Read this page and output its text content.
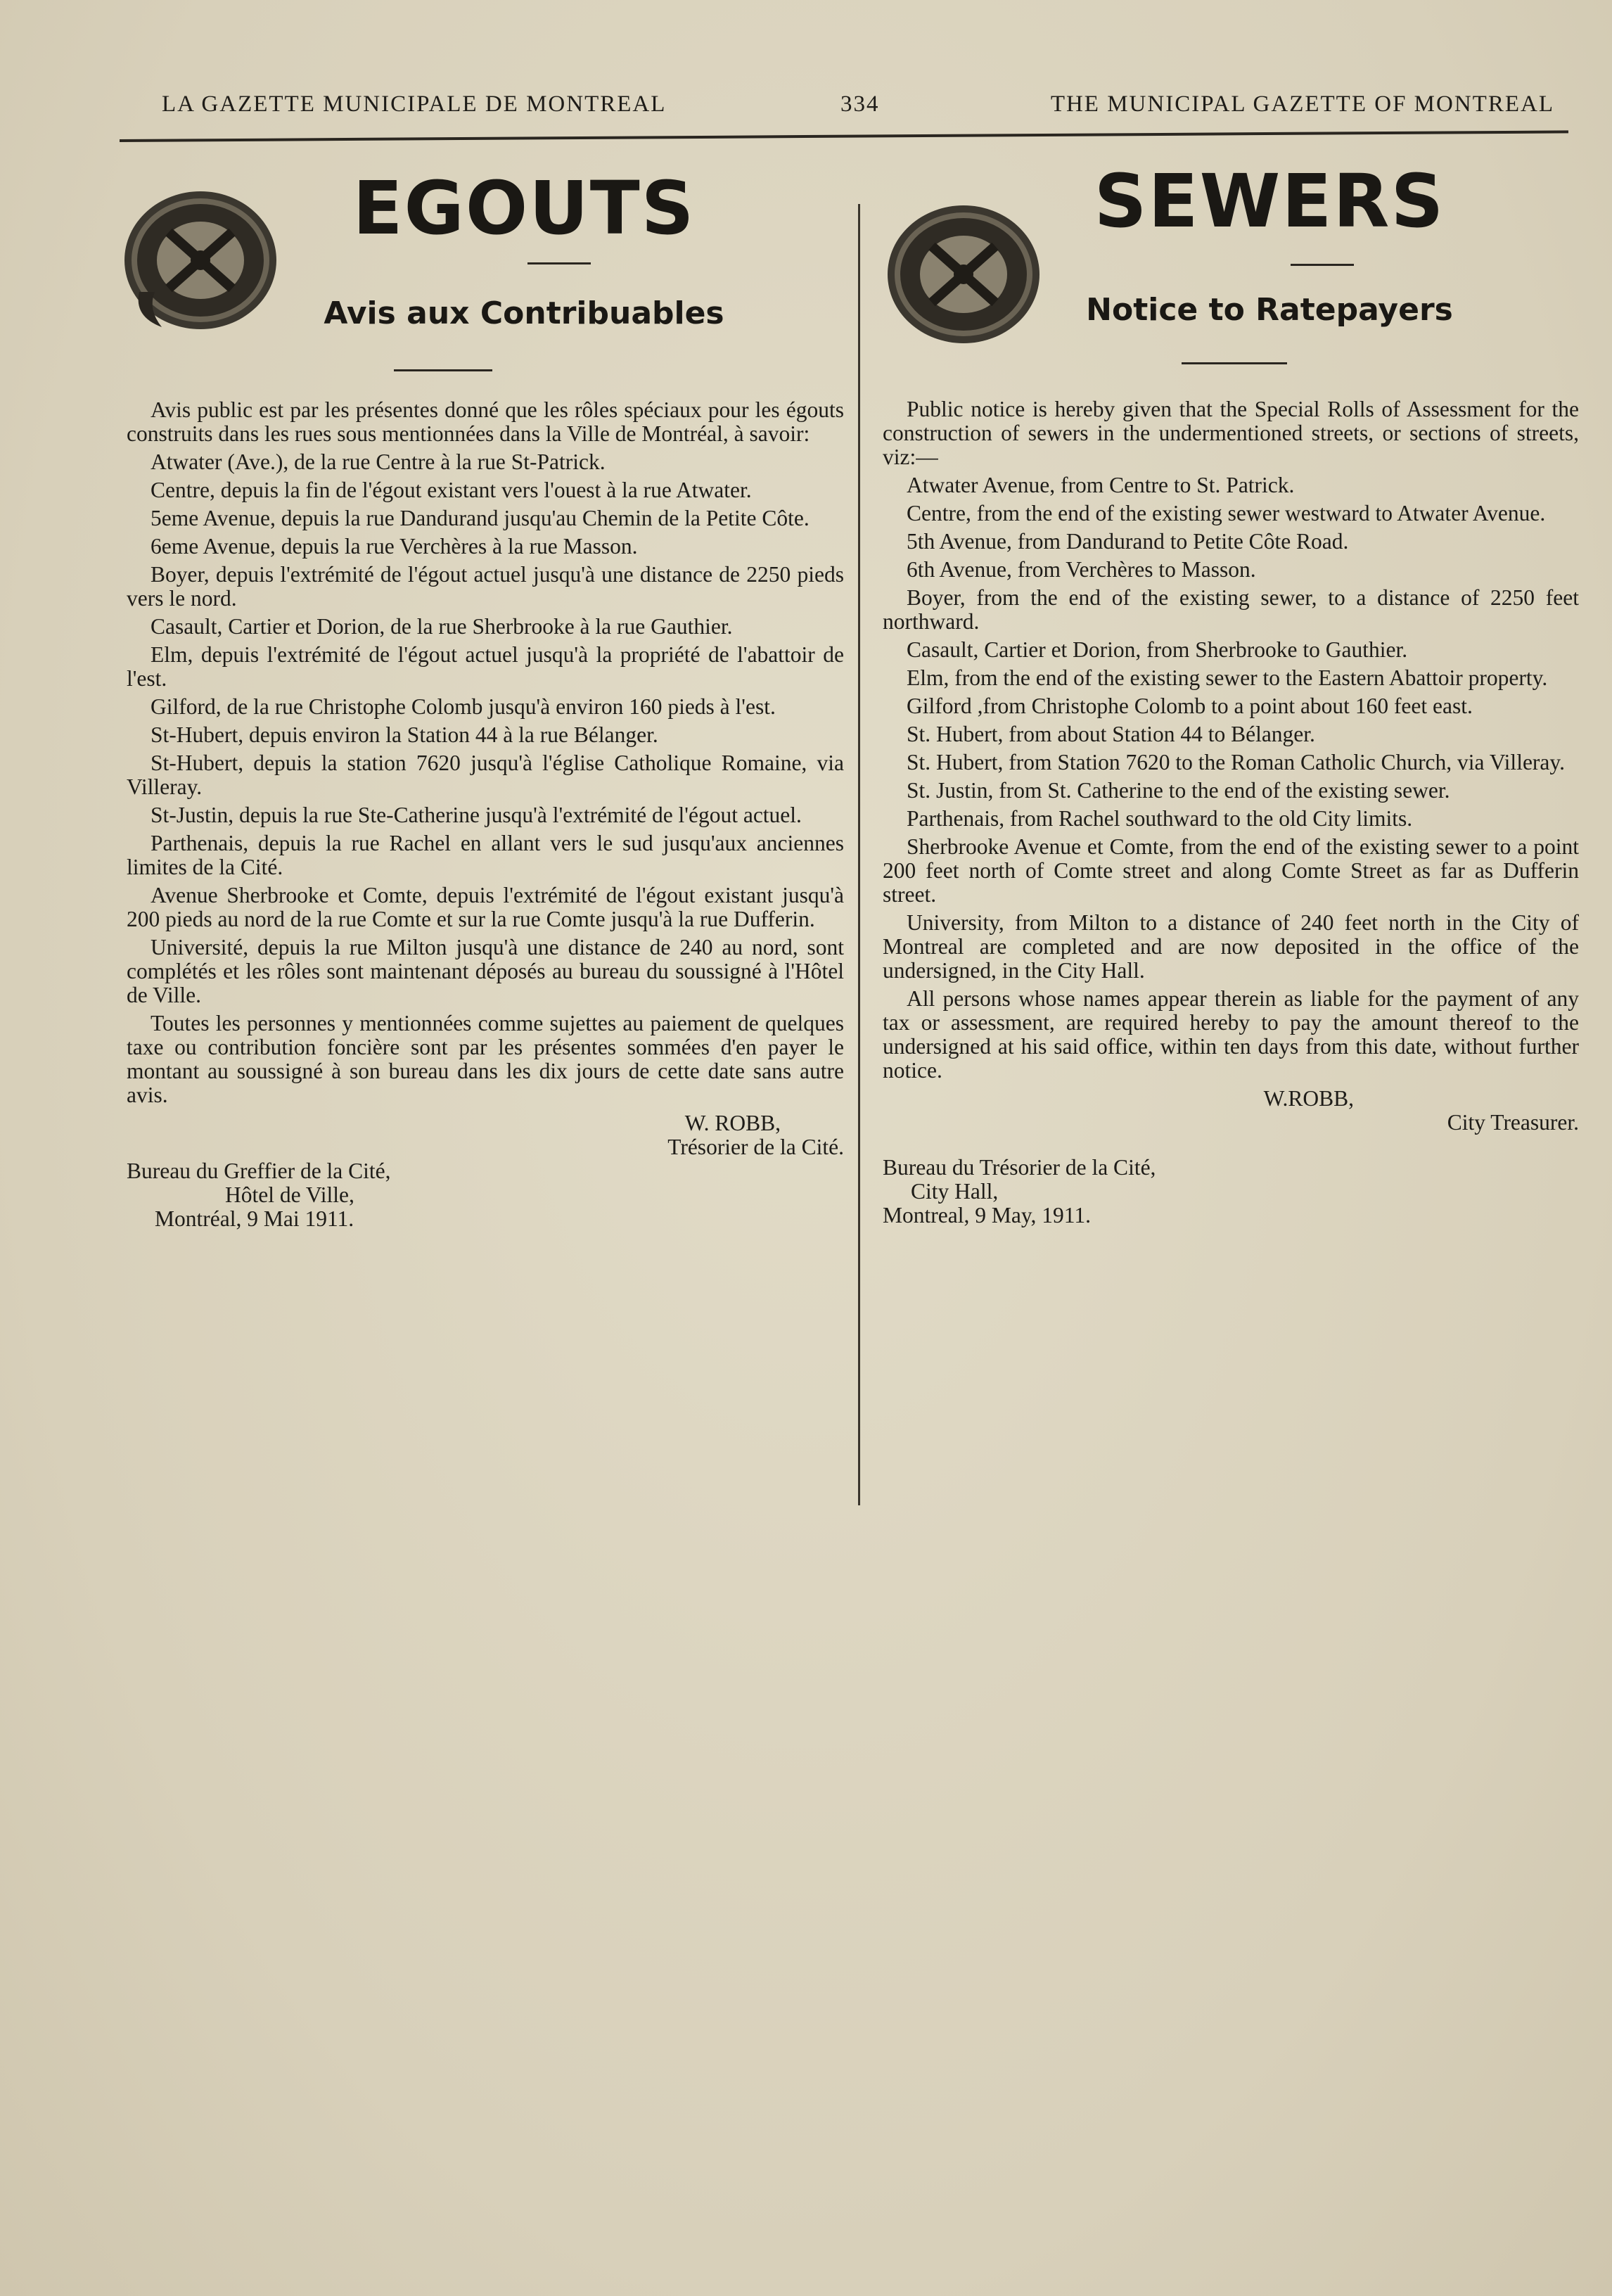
LA GAZETTE MUNICIPALE DE MONTREAL	334	THE MUNICIPAL GAZETTE OF MONTREAL
EGOUTS
Avis aux Contribuables

Avis public est par les présentes donné que les rôles spéciaux pour les égouts construits dans les rues sous mentionnées dans la Ville de Montréal, à savoir:

Atwater (Ave.), de la rue Centre à la rue St-Patrick.

Centre, depuis la fin de l'égout existant vers l'ouest à la rue Atwater.

5eme Avenue, depuis la rue Dandurand jusqu'au Chemin de la Petite Côte.

6eme Avenue, depuis la rue Verchères à la rue Masson.

Boyer, depuis l'extrémité de l'égout actuel jusqu'à une distance de 2250 pieds vers le nord.

Casault, Cartier et Dorion, de la rue Sherbrooke à la rue Gauthier.

Elm, depuis l'extrémité de l'égout actuel jusqu'à la propriété de l'abattoir de l'est.

Gilford, de la rue Christophe Colomb jusqu'à environ 160 pieds à l'est.

St-Hubert, depuis environ la Station 44 à la rue Bélanger.

St-Hubert, depuis la station 7620 jusqu'à l'église Catholique Romaine, via Villeray.

St-Justin, depuis la rue Ste-Catherine jusqu'à l'extrémité de l'égout actuel.

Parthenais, depuis la rue Rachel en allant vers le sud jusqu'aux anciennes limites de la Cité.

Avenue Sherbrooke et Comte, depuis l'extrémité de l'égout existant jusqu'à 200 pieds au nord de la rue Comte et sur la rue Comte jusqu'à la rue Dufferin.

Université, depuis la rue Milton jusqu'à une distance de 240 au nord, sont complétés et les rôles sont maintenant déposés au bureau du soussigné à l'Hôtel de Ville.

Toutes les personnes y mentionnées comme sujettes au paiement de quelques taxe ou contribution foncière sont par les présentes sommées d'en payer le montant au soussigné à son bureau dans les dix jours de cette date sans autre avis.

W. ROBB,
Trésorier de la Cité.
Bureau du Greffier de la Cité,
Hôtel de Ville,
Montréal, 9 Mai 1911.
SEWERS
Notice to Ratepayers

Public notice is hereby given that the Special Rolls of Assessment for the construction of sewers in the undermentioned streets, or sections of streets, viz:—

Atwater Avenue, from Centre to St. Patrick.

Centre, from the end of the existing sewer westward to Atwater Avenue.

5th Avenue, from Dandurand to Petite Côte Road.

6th Avenue, from Verchères to Masson.

Boyer, from the end of the existing sewer, to a distance of 2250 feet northward.

Casault, Cartier et Dorion, from Sherbrooke to Gauthier.

Elm, from the end of the existing sewer to the Eastern Abattoir property.

Gilford ,from Christophe Colomb to a point about 160 feet east.

St. Hubert, from about Station 44 to Bélanger.

St. Hubert, from Station 7620 to the Roman Catholic Church, via Villeray.

St. Justin, from St. Catherine to the end of the existing sewer.

Parthenais, from Rachel southward to the old City limits.

Sherbrooke Avenue et Comte, from the end of the existing sewer to a point 200 feet north of Comte street and along Comte Street as far as Dufferin street.

University, from Milton to a distance of 240 feet north in the City of Montreal are completed and are now deposited in the office of the undersigned, in the City Hall.

All persons whose names appear therein as liable for the payment of any tax or assessment, are required hereby to pay the amount thereof to the undersigned at his said office, within ten days from this date, without further notice.

W.ROBB,
City Treasurer.
Bureau du Trésorier de la Cité,
City Hall,
Montreal, 9 May, 1911.
